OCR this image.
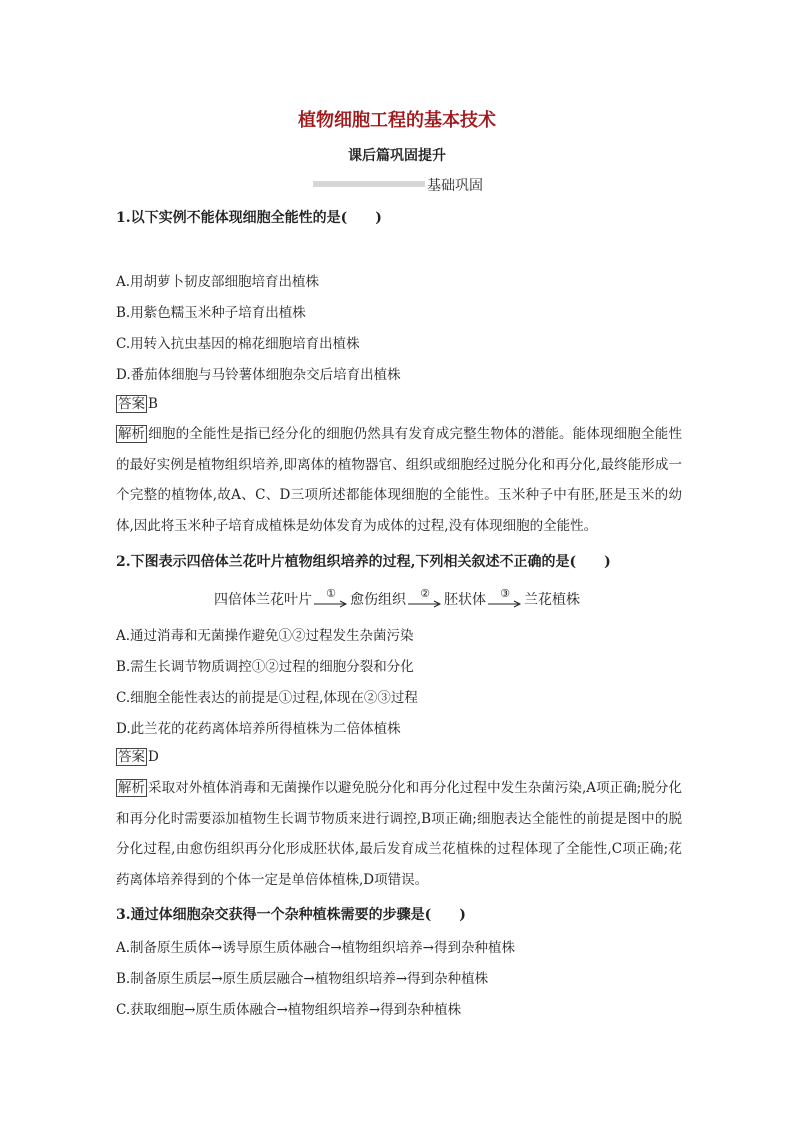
植物细胞工程的基本技术
课后篇巩固提升
基础巩固
1.以下实例不能体现细胞全能性的是(　　)
A.用胡萝卜韧皮部细胞培育出植株
B.用紫色糯玉米种子培育出植株
C.用转入抗虫基因的棉花细胞培育出植株
D.番茄体细胞与马铃薯体细胞杂交后培育出植株
答案 B
解析 细胞的全能性是指已经分化的细胞仍然具有发育成完整生物体的潜能。能体现细胞全能性的最好实例是植物组织培养,即离体的植物器官、组织或细胞经过脱分化和再分化,最终能形成一个完整的植物体,故A、C、D三项所述都能体现细胞的全能性。玉米种子中有胚,胚是玉米的幼体,因此将玉米种子培育成植株是幼体发育为成体的过程,没有体现细胞的全能性。
2.下图表示四倍体兰花叶片植物组织培养的过程,下列相关叙述不正确的是(　　)
四倍体兰花叶片 ① 愈伤组织 ② 胚状体 ③ 兰花植株
A.通过消毒和无菌操作避免①②过程发生杂菌污染
B.需生长调节物质调控①②过程的细胞分裂和分化
C.细胞全能性表达的前提是①过程,体现在②③过程
D.此兰花的花药离体培养所得植株为二倍体植株
答案 D
解析 采取对外植体消毒和无菌操作以避免脱分化和再分化过程中发生杂菌污染,A项正确;脱分化和再分化时需要添加植物生长调节物质来进行调控,B项正确;细胞表达全能性的前提是图中的脱分化过程,由愈伤组织再分化形成胚状体,最后发育成兰花植株的过程体现了全能性,C项正确;花药离体培养得到的个体一定是单倍体植株,D项错误。
3.通过体细胞杂交获得一个杂种植株需要的步骤是(　　)
A.制备原生质体→诱导原生质体融合→植物组织培养→得到杂种植株
B.制备原生质层→原生质层融合→植物组织培养→得到杂种植株
C.获取细胞→原生质体融合→植物组织培养→得到杂种植株
